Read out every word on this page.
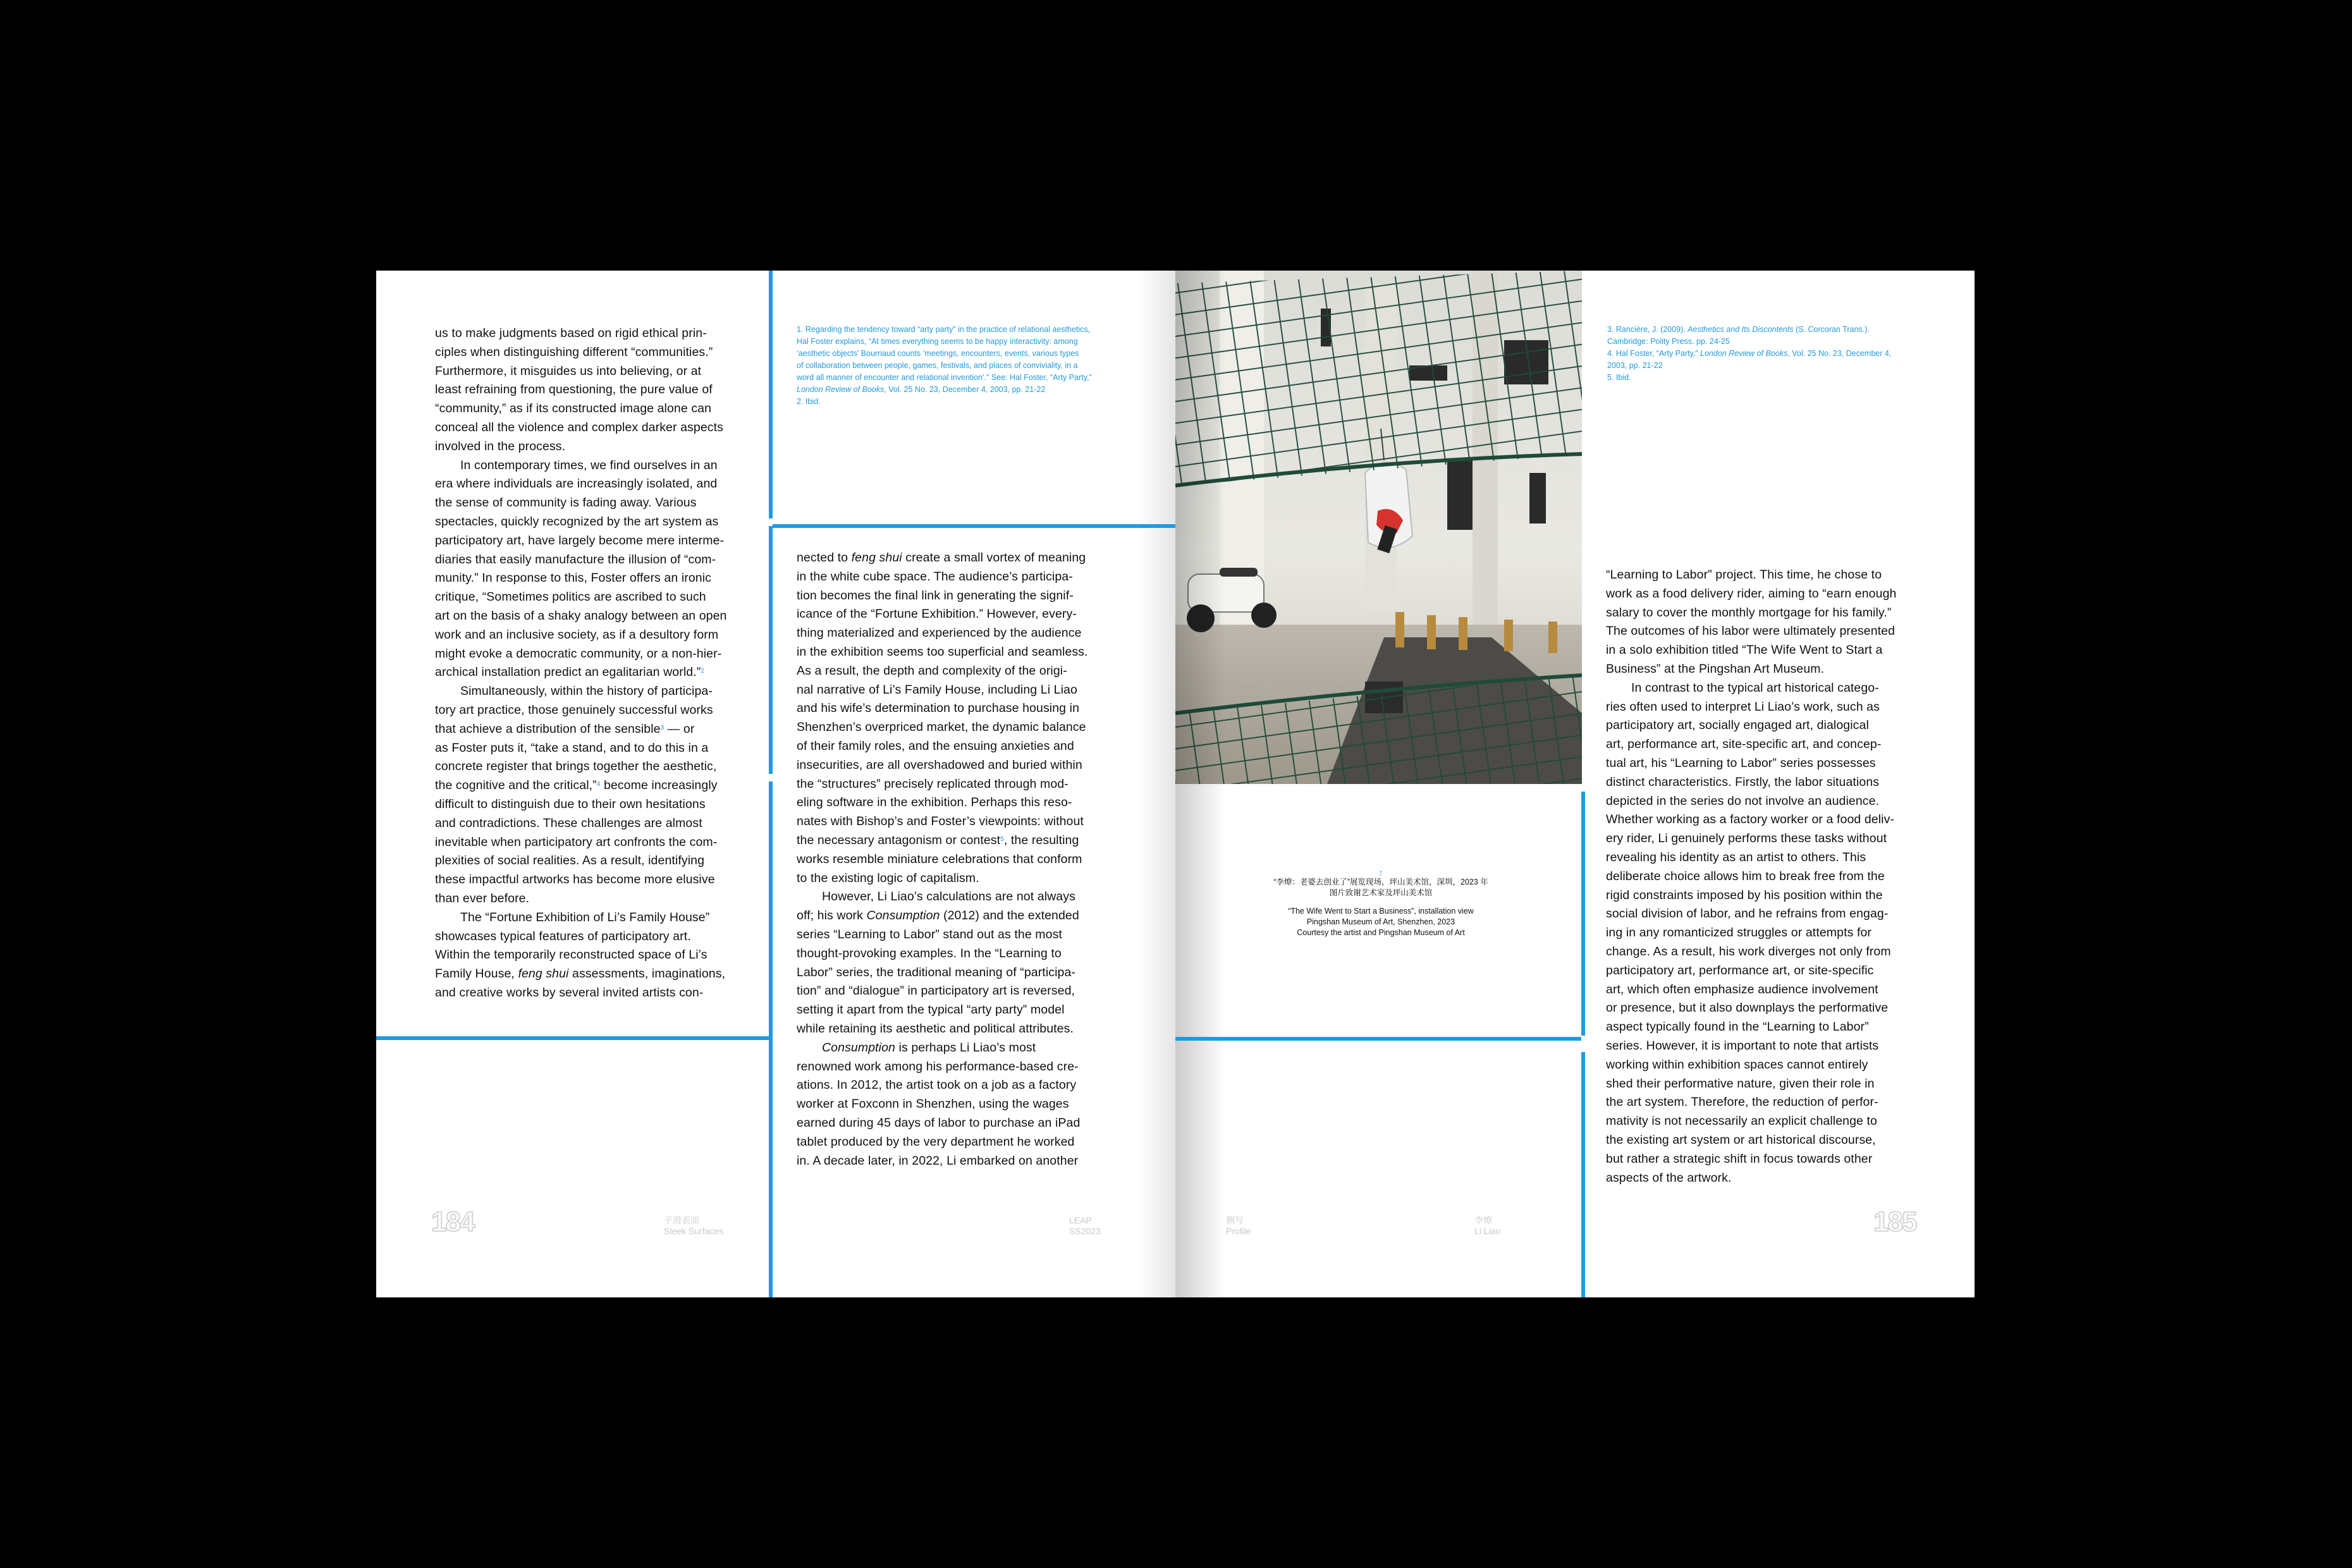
us to make judgments based on rigid ethical prin-
ciples when distinguishing different “communities.”
Furthermore, it misguides us into believing, or at
least refraining from questioning, the pure value of
“community,” as if its constructed image alone can
conceal all the violence and complex darker aspects
involved in the process.

In contemporary times, we find ourselves in an
era where individuals are increasingly isolated, and
the sense of community is fading away. Various
spectacles, quickly recognized by the art system as
participatory art, have largely become mere interme-
diaries that easily manufacture the illusion of “com-
munity.” In response to this, Foster offers an ironic
critique, “Sometimes politics are ascribed to such
art on the basis of a shaky analogy between an open
work and an inclusive society, as if a desultory form
might evoke a democratic community, or a non-hier-
archical installation predict an egalitarian world.”$^2$

Simultaneously, within the history of participa-
tory art practice, those genuinely successful works
that achieve a distribution of the sensible$^3$ — or
as Foster puts it, “take a stand, and to do this in a
concrete register that brings together the aesthetic,
the cognitive and the critical,”$^4$ become increasingly
difficult to distinguish due to their own hesitations
and contradictions. These challenges are almost
inevitable when participatory art confronts the com-
plexities of social realities. As a result, identifying
these impactful artworks has become more elusive
than ever before.

The “Fortune Exhibition of Li’s Family House”
showcases typical features of participatory art.
Within the temporarily reconstructed space of Li’s
Family House, feng shui assessments, imaginations,
and creative works by several invited artists con-

1. Regarding the tendency toward “arty party” in the practice of relational aesthetics,
Hal Foster explains, “At times everything seems to be happy interactivity: among
‘aesthetic objects’ Bourriaud counts ‘meetings, encounters, events, various types
of collaboration between people, games, festivals, and places of conviviality, in a
word all manner of encounter and relational invention’.” See: Hal Foster, “Arty Party,”
London Review of Books, Vol. 25 No. 23, December 4, 2003, pp. 21-22
2. Ibid.

nected to feng shui create a small vortex of meaning
in the white cube space. The audience’s participa-
tion becomes the final link in generating the signif-
icance of the “Fortune Exhibition.” However, every-
thing materialized and experienced by the audience
in the exhibition seems too superficial and seamless.
As a result, the depth and complexity of the origi-
nal narrative of Li’s Family House, including Li Liao
and his wife’s determination to purchase housing in
Shenzhen’s overpriced market, the dynamic balance
of their family roles, and the ensuing anxieties and
insecurities, are all overshadowed and buried within
the “structures” precisely replicated through mod-
eling software in the exhibition. Perhaps this reso-
nates with Bishop’s and Foster’s viewpoints: without
the necessary antagonism or contest$^5$, the resulting
works resemble miniature celebrations that conform
to the existing logic of capitalism.

However, Li Liao’s calculations are not always
off; his work Consumption (2012) and the extended
series “Learning to Labor” stand out as the most
thought-provoking examples. In the “Learning to
Labor” series, the traditional meaning of “participa-
tion” and “dialogue” in participatory art is reversed,
setting it apart from the typical “arty party” model
while retaining its aesthetic and political attributes.

Consumption is perhaps Li Liao’s most
renowned work among his performance-based cre-
ations. In 2012, the artist took on a job as a factory
worker at Foxconn in Shenzhen, using the wages
earned during 45 days of labor to purchase an iPad
tablet produced by the very department he worked
in. A decade later, in 2022, Li embarked on another

184	平滑表面
Sleek Surfaces
LEAP
SS2023
3. Rancière, J. (2009). Aesthetics and Its Discontents (S. Corcoran Trans.).
Cambridge: Polity Press. pp. 24-25
4. Hal Foster, “Arty Party,” London Review of Books, Vol. 25 No. 23, December 4,
2003, pp. 21-22
5. Ibid.
↑
“李燎：老婆去创业了”展览现场，坪山美术馆，深圳，2023 年
图片致谢艺术家及坪山美术馆
“The Wife Went to Start a Business”, installation view
Pingshan Museum of Art, Shenzhen, 2023
Courtesy the artist and Pingshan Museum of Art

“Learning to Labor” project. This time, he chose to
work as a food delivery rider, aiming to “earn enough
salary to cover the monthly mortgage for his family.”
The outcomes of his labor were ultimately presented
in a solo exhibition titled “The Wife Went to Start a
Business” at the Pingshan Art Museum.

In contrast to the typical art historical catego-
ries often used to interpret Li Liao’s work, such as
participatory art, socially engaged art, dialogical
art, performance art, site-specific art, and concep-
tual art, his “Learning to Labor” series possesses
distinct characteristics. Firstly, the labor situations
depicted in the series do not involve an audience.
Whether working as a factory worker or a food deliv-
ery rider, Li genuinely performs these tasks without
revealing his identity as an artist to others. This
deliberate choice allows him to break free from the
rigid constraints imposed by his position within the
social division of labor, and he refrains from engag-
ing in any romanticized struggles or attempts for
change. As a result, his work diverges not only from
participatory art, performance art, or site-specific
art, which often emphasize audience involvement
or presence, but it also downplays the performative
aspect typically found in the “Learning to Labor”
series. However, it is important to note that artists
working within exhibition spaces cannot entirely
shed their performative nature, given their role in
the art system. Therefore, the reduction of perfor-
mativity is not necessarily an explicit challenge to
the existing art system or art historical discourse,
but rather a strategic shift in focus towards other
aspects of the artwork.

侧写
Profile
李燎
Li Liao	185
